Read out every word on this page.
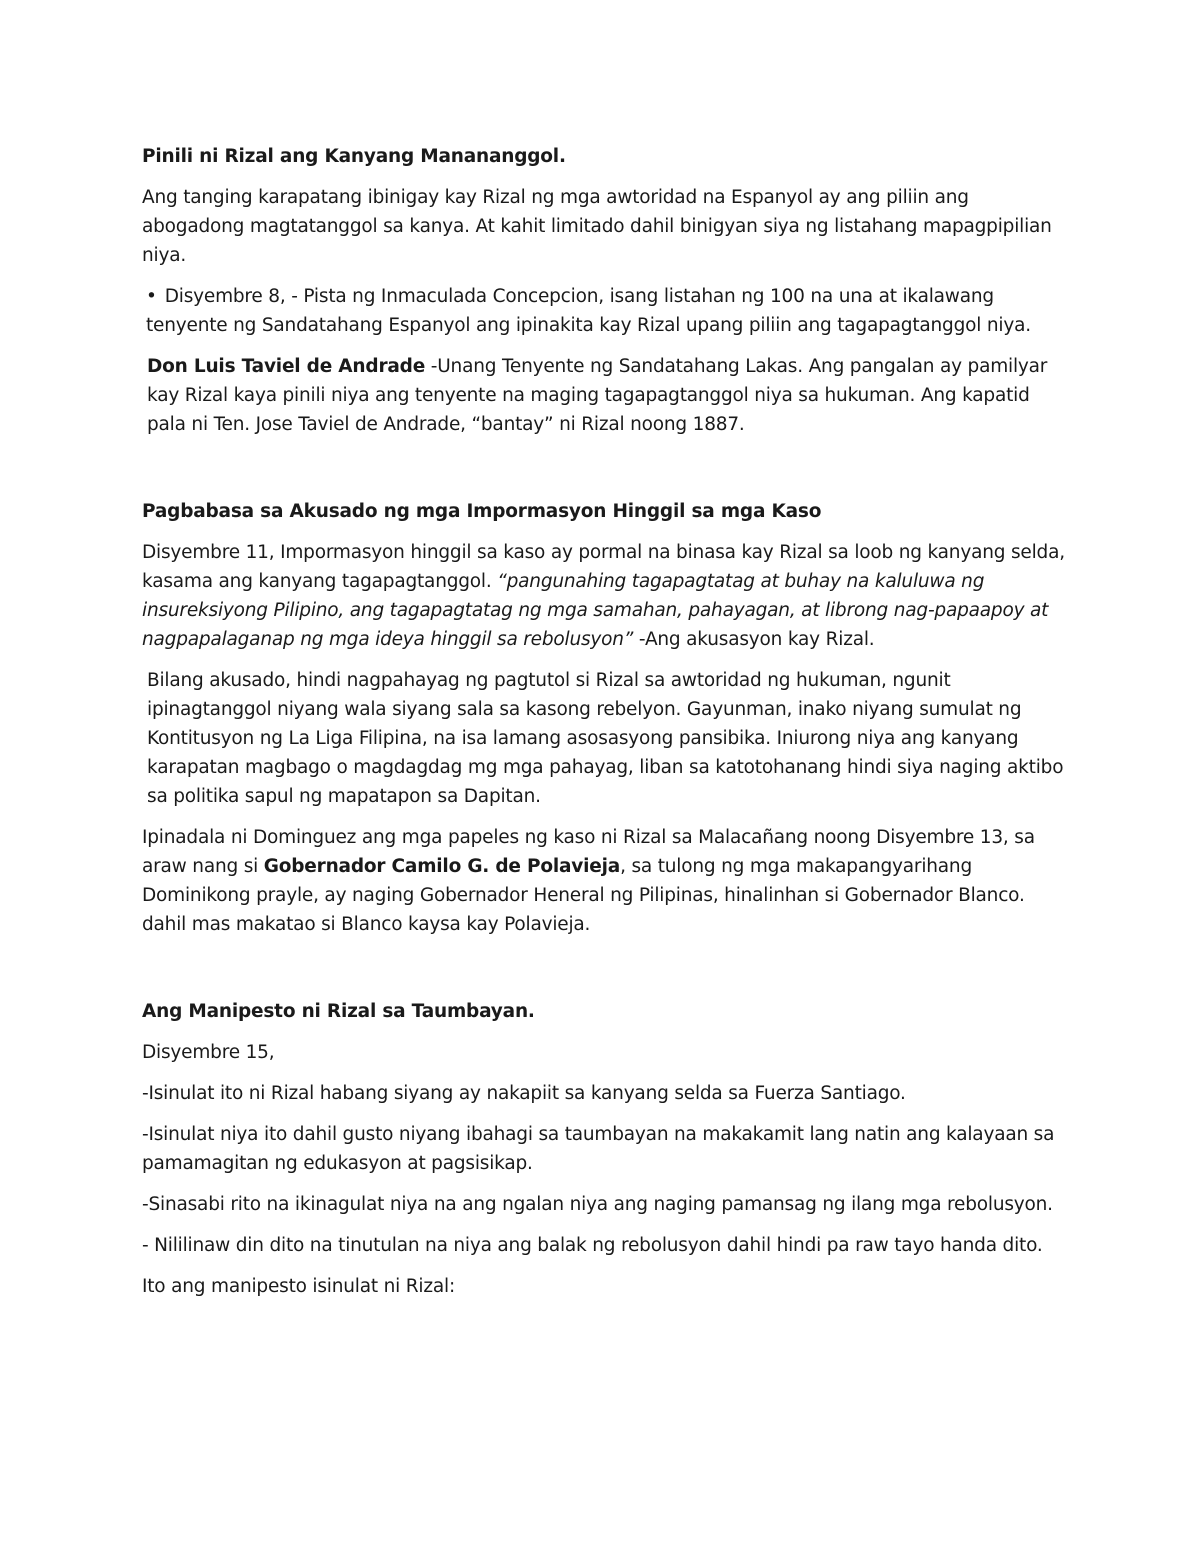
Pinili ni Rizal ang Kanyang Manananggol.

Ang tanging karapatang ibinigay kay Rizal ng mga awtoridad na Espanyol ay ang piliin ang abogadong magtatanggol sa kanya. At kahit limitado dahil binigyan siya ng listahang mapagpipilian niya.

• Disyembre 8, - Pista ng Inmaculada Concepcion, isang listahan ng 100 na una at ikalawang tenyente ng Sandatahang Espanyol ang ipinakita kay Rizal upang piliin ang tagapagtanggol niya.

Don Luis Taviel de Andrade -Unang Tenyente ng Sandatahang Lakas. Ang pangalan ay pamilyar kay Rizal kaya pinili niya ang tenyente na maging tagapagtanggol niya sa hukuman. Ang kapatid pala ni Ten. Jose Taviel de Andrade, “bantay” ni Rizal noong 1887.

Pagbabasa sa Akusado ng mga Impormasyon Hinggil sa mga Kaso

Disyembre 11, Impormasyon hinggil sa kaso ay pormal na binasa kay Rizal sa loob ng kanyang selda, kasama ang kanyang tagapagtanggol. “pangunahing tagapagtatag at buhay na kaluluwa ng insureksiyong Pilipino, ang tagapagtatag ng mga samahan, pahayagan, at librong nag-papaapoy at nagpapalaganap ng mga ideya hinggil sa rebolusyon” -Ang akusasyon kay Rizal.

Bilang akusado, hindi nagpahayag ng pagtutol si Rizal sa awtoridad ng hukuman, ngunit ipinagtanggol niyang wala siyang sala sa kasong rebelyon. Gayunman, inako niyang sumulat ng Kontitusyon ng La Liga Filipina, na isa lamang asosasyong pansibika. Iniurong niya ang kanyang karapatan magbago o magdagdag mg mga pahayag, liban sa katotohanang hindi siya naging aktibo sa politika sapul ng mapatapon sa Dapitan.

Ipinadala ni Dominguez ang mga papeles ng kaso ni Rizal sa Malacañang noong Disyembre 13, sa araw nang si Gobernador Camilo G. de Polavieja, sa tulong ng mga makapangyarihang Dominikong prayle, ay naging Gobernador Heneral ng Pilipinas, hinalinhan si Gobernador Blanco. dahil mas makatao si Blanco kaysa kay Polavieja.

Ang Manipesto ni Rizal sa Taumbayan.

Disyembre 15,

-Isinulat ito ni Rizal habang siyang ay nakapiit sa kanyang selda sa Fuerza Santiago.

-Isinulat niya ito dahil gusto niyang ibahagi sa taumbayan na makakamit lang natin ang kalayaan sa pamamagitan ng edukasyon at pagsisikap.

-Sinasabi rito na ikinagulat niya na ang ngalan niya ang naging pamansag ng ilang mga rebolusyon.

- Nililinaw din dito na tinutulan na niya ang balak ng rebolusyon dahil hindi pa raw tayo handa dito.

Ito ang manipesto isinulat ni Rizal:
